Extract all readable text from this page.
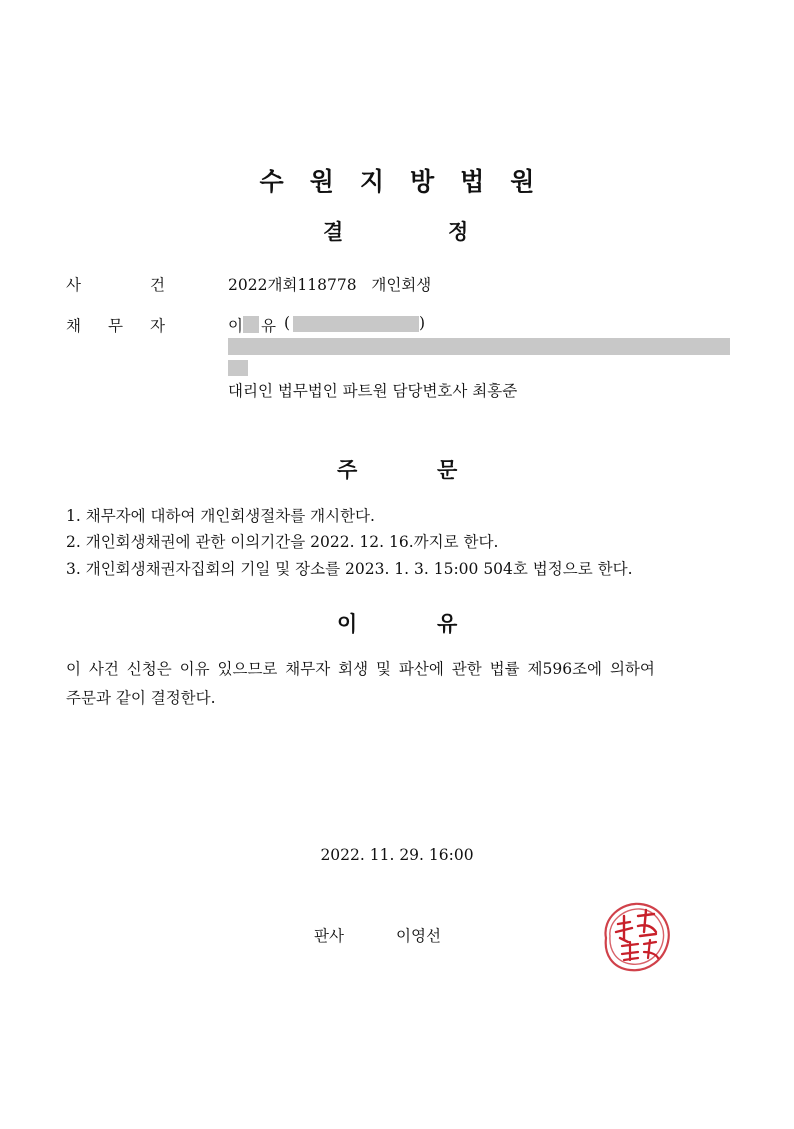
수원지방법원
결	정
사	건	2022개회118778   개인회생
채 무 자	이 유 (	)
대리인 법무법인 파트원 담당변호사 최홍준
주	문
1. 채무자에 대하여 개인회생절차를 개시한다.
2. 개인회생채권에 관한 이의기간을 2022. 12. 16.까지로 한다.
3. 개인회생채권자집회의 기일 및 장소를 2023. 1. 3. 15:00 504호 법정으로 한다.
이	유
이 사건 신청은 이유 있으므로 채무자 회생 및 파산에 관한 법률 제596조에 의하여
주문과 같이 결정한다.
2022. 11. 29. 16:00
판사	이영선
